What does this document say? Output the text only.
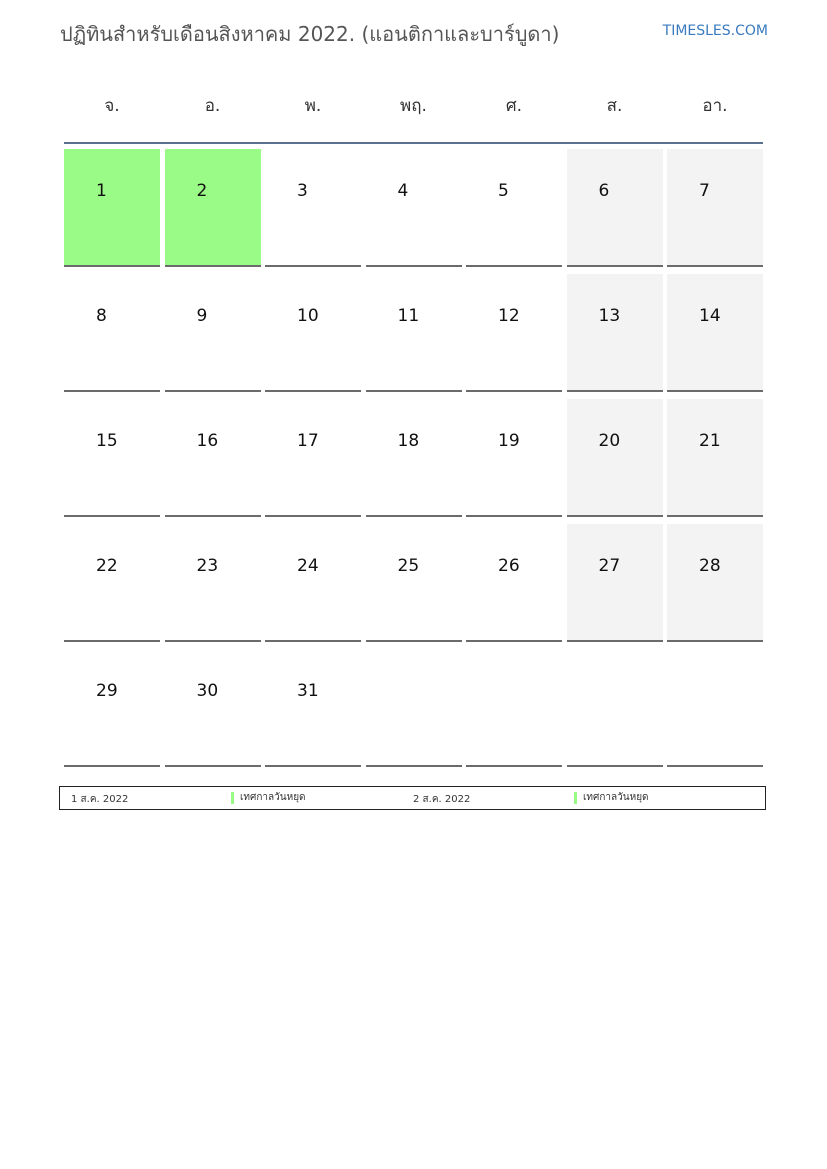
ปฏิทินสำหรับเดือนสิงหาคม 2022. (แอนติกาและบาร์บูดา)	TIMESLES.COM
จ.	อ.	พ.	พฤ.	ศ.	ส.	อา.
1	2	3	4	5	6	7
8	9	10	11	12	13	14
15	16	17	18	19	20	21
22	23	24	25	26	27	28
29	30	31
1 ส.ค. 2022	เทศกาลวันหยุด	2 ส.ค. 2022	เทศกาลวันหยุด
